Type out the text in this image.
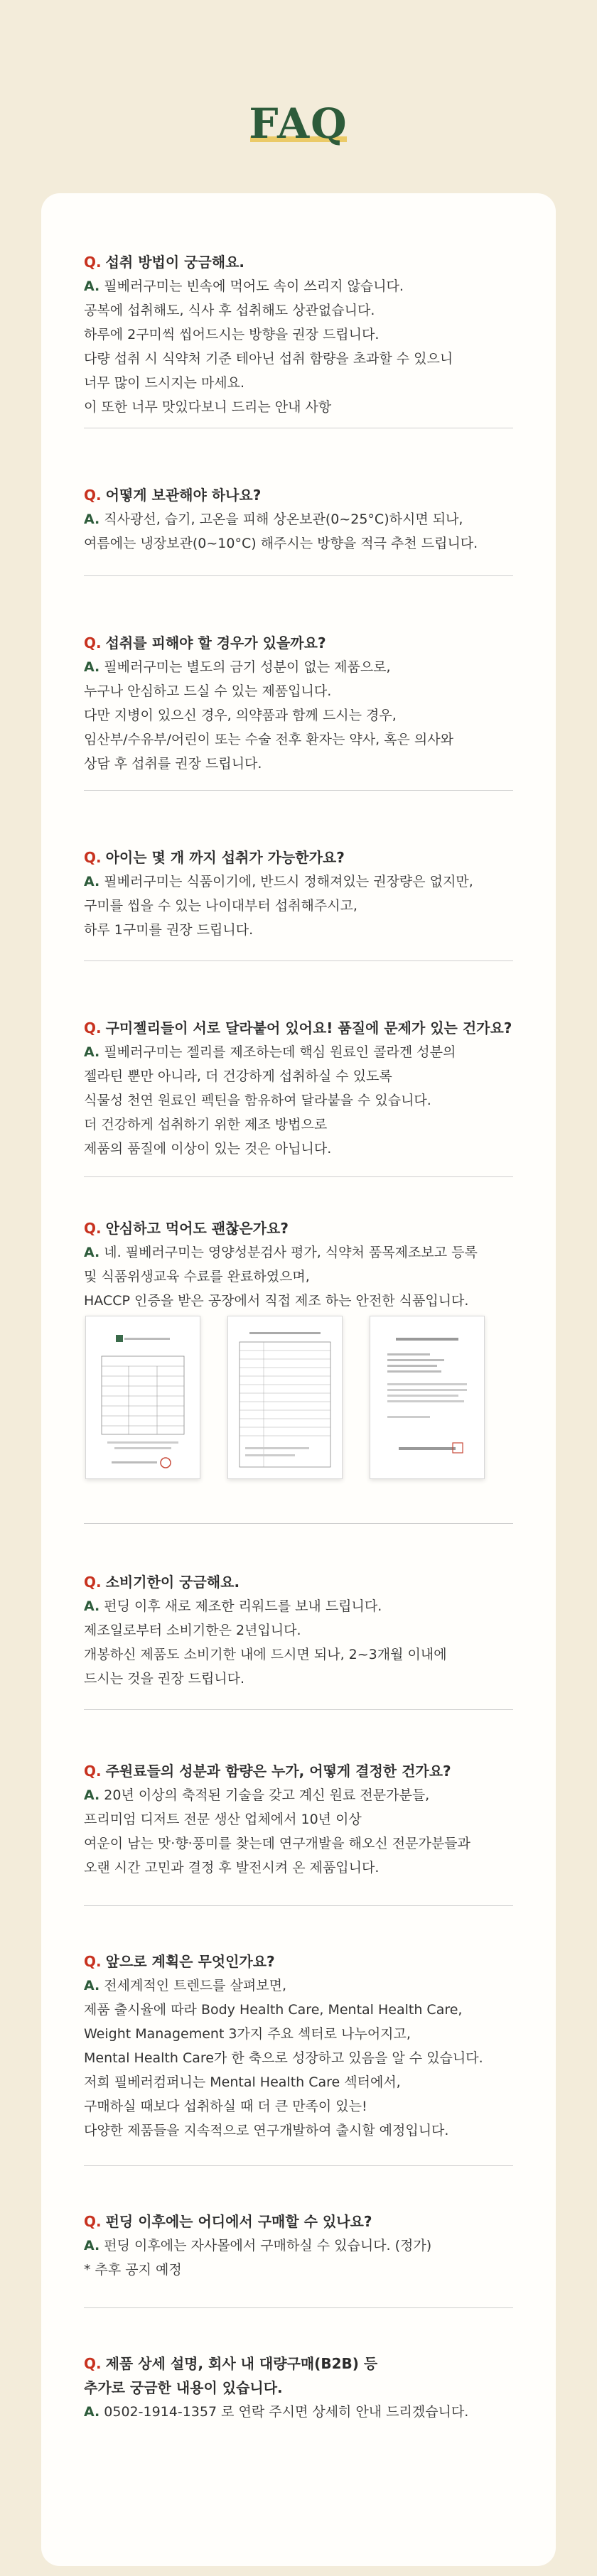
FAQ
Q. 섭취 방법이 궁금해요.

A. 필베러구미는 빈속에 먹어도 속이 쓰리지 않습니다.

공복에 섭취해도, 식사 후 섭취해도 상관없습니다.

하루에 2구미씩 씹어드시는 방향을 권장 드립니다.

다량 섭취 시 식약처 기준 테아닌 섭취 함량을 초과할 수 있으니

너무 많이 드시지는 마세요.

이 또한 너무 맛있다보니 드리는 안내 사항

Q. 어떻게 보관해야 하나요?

A. 직사광선, 습기, 고온을 피해 상온보관(0~25°C)하시면 되나,

여름에는 냉장보관(0~10°C) 해주시는 방향을 적극 추천 드립니다.

Q. 섭취를 피해야 할 경우가 있을까요?

A. 필베러구미는 별도의 금기 성분이 없는 제품으로,

누구나 안심하고 드실 수 있는 제품입니다.

다만 지병이 있으신 경우, 의약품과 함께 드시는 경우,

임산부/수유부/어린이 또는 수술 전후 환자는 약사, 혹은 의사와

상담 후 섭취를 권장 드립니다.

Q. 아이는 몇 개 까지 섭취가 가능한가요?

A. 필베러구미는 식품이기에, 반드시 정해져있는 권장량은 없지만,

구미를 씹을 수 있는 나이대부터 섭취해주시고,

하루 1구미를 권장 드립니다.

Q. 구미젤리들이 서로 달라붙어 있어요! 품질에 문제가 있는 건가요?

A. 필베러구미는 젤리를 제조하는데 핵심 원료인 콜라겐 성분의

젤라틴 뿐만 아니라, 더 건강하게 섭취하실 수 있도록

식물성 천연 원료인 펙틴을 함유하여 달라붙을 수 있습니다.

더 건강하게 섭취하기 위한 제조 방법으로

제품의 품질에 이상이 있는 것은 아닙니다.

Q. 안심하고 먹어도 괜찮은가요?

A. 네. 필베러구미는 영양성분검사 평가, 식약처 품목제조보고 등록

및 식품위생교육 수료를 완료하였으며,

HACCP 인증을 받은 공장에서 직접 제조 하는 안전한 식품입니다.

Q. 소비기한이 궁금해요.

A. 펀딩 이후 새로 제조한 리워드를 보내 드립니다.

제조일로부터 소비기한은 2년입니다.

개봉하신 제품도 소비기한 내에 드시면 되나, 2~3개월 이내에

드시는 것을 권장 드립니다.

Q. 주원료들의 성분과 함량은 누가, 어떻게 결정한 건가요?

A. 20년 이상의 축적된 기술을 갖고 계신 원료 전문가분들,

프리미엄 디저트 전문 생산 업체에서 10년 이상

여운이 남는 맛·향·풍미를 찾는데 연구개발을 해오신 전문가분들과

오랜 시간 고민과 결정 후 발전시켜 온 제품입니다.

Q. 앞으로 계획은 무엇인가요?

A. 전세계적인 트렌드를 살펴보면,

제품 출시율에 따라 Body Health Care, Mental Health Care,

Weight Management 3가지 주요 섹터로 나누어지고,

Mental Health Care가 한 축으로 성장하고 있음을 알 수 있습니다.

저희 필베러컴퍼니는 Mental Health Care 섹터에서,

구매하실 때보다 섭취하실 때 더 큰 만족이 있는!

다양한 제품들을 지속적으로 연구개발하여 출시할 예정입니다.

Q. 펀딩 이후에는 어디에서 구매할 수 있나요?

A. 펀딩 이후에는 자사몰에서 구매하실 수 있습니다. (정가)

* 추후 공지 예정

Q. 제품 상세 설명, 회사 내 대량구매(B2B) 등
추가로 궁금한 내용이 있습니다.

A. 0502-1914-1357 로 연락 주시면 상세히 안내 드리겠습니다.
